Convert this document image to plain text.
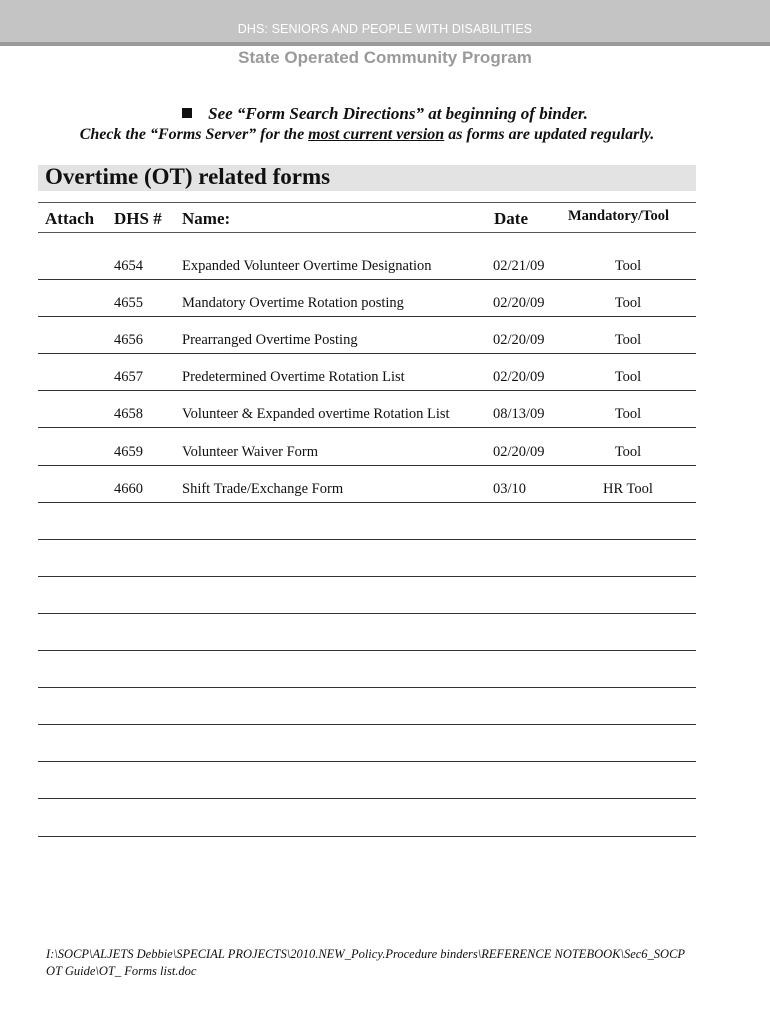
DHS: SENIORS AND PEOPLE WITH DISABILITIES
State Operated Community Program
See “Form Search Directions” at beginning of binder.
Check the “Forms Server” for the most current version as forms are updated regularly.
Overtime (OT) related forms
Attach DHS # Name:	Date	Mandatory/Tool
4654	Expanded Volunteer Overtime Designation	02/21/09	Tool
4655	Mandatory Overtime Rotation posting	02/20/09	Tool
4656	Prearranged Overtime Posting	02/20/09	Tool
4657	Predetermined Overtime Rotation List	02/20/09	Tool
4658	Volunteer & Expanded overtime Rotation List	08/13/09	Tool
4659	Volunteer Waiver Form	02/20/09	Tool
4660	Shift Trade/Exchange Form	03/10	HR Tool
I:\SOCP\ALJETS Debbie\SPECIAL PROJECTS\2010.NEW_Policy.Procedure binders\REFERENCE NOTEBOOK\Sec6_SOCP
OT Guide\OT_ Forms list.doc
